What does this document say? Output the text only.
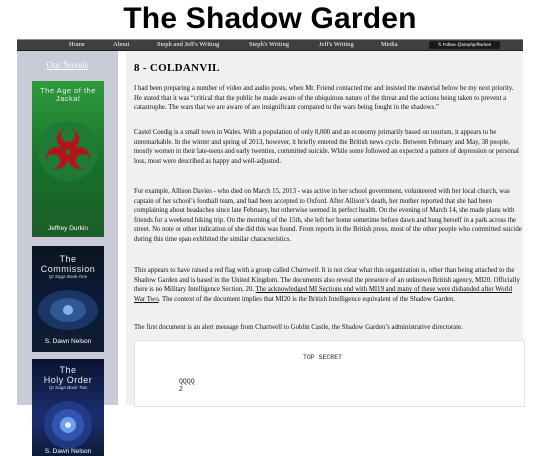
The Shadow Garden
Home	About	Steph and Jeff's Writing	Steph's Writing	Jeff's Writing	Media	𝕏Follow @stephjeffwrites
Our Novels
The Age of the
Jackal
Jeffrey Durkin
The
Commission
QI Saga Book One
S. Dawn Nelson
The
Holy Order
QI Saga Book Two
S. Dawn Nelson
8 - COLDANVIL

I had been preparing a number of video and audio posts, when Mr. Friend contacted me and insisted the material below be my next priority. He stated that it was “critical that the public be made aware of the ubiquitous nature of the threat and the actions being taken to prevent a catastrophe. The wars that we are aware of are insignificant compared to the wars being fought in the shadows.”

Castel Coedig is a small town in Wales. With a population of only 8,000 and an economy primarily based on tourism, it appears to be unremarkable. In the winter and spring of 2013, however, it briefly entered the British news cycle. Between February and May, 38 people, mostly women in their late-teens and early twenties, committed suicide. While some followed an expected a pattern of depression or personal loss, most were described as happy and well-adjusted.

For example, Allison Davies - who died on March 15, 2013 - was active in her school government, volunteered with her local church, was captain of her school’s football team, and had been accepted to Oxford. After Allison’s death, her mother reported that she had been complaining about headaches since late February, but otherwise seemed in perfect health. On the evening of March 14, she made plans with friends for a weekend hiking trip. On the morning of the 15th, she left her home sometime before dawn and hung herself in a park across the street. No note or other indication of she did this was found. From reports in the British press, most of the other people who committed suicide during this time span exhibited the similar characteristics.

This appears to have raised a red flag with a group called Chartwell. It is not clear what this organization is, other than being attached to the Shadow Garden and is based in the United Kingdom. The documents also reveal the presence of an unknown British agency, MI20. Officially there is no Military Intelligence Section, 20. The acknowledged MI Sections end with MI19 and many of these were disbanded after World War Two. The context of the document implies that MI20 is the British Intelligence equivalent of the Shadow Garden.

The first document is an alert message from Chartwell to Goblin Castle, the Shadow Garden’s administrative directorate.

TOP SECRET
QQQQ
Z
